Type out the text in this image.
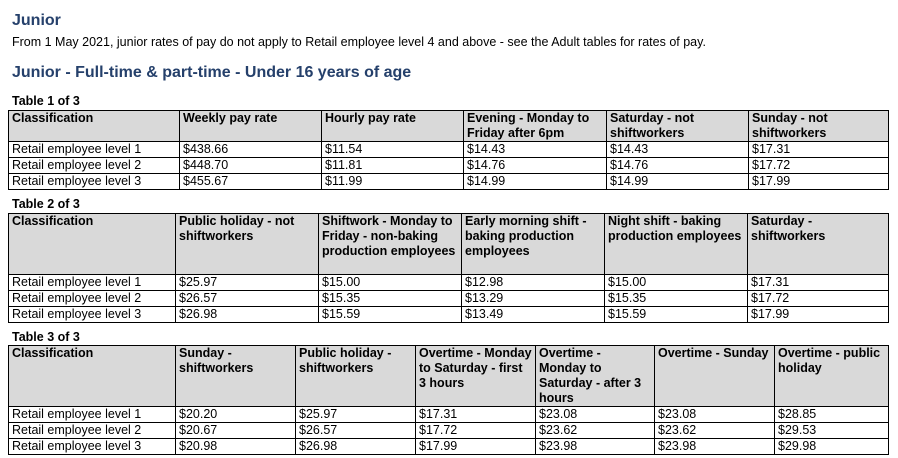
Junior

From 1 May 2021, junior rates of pay do not apply to Retail employee level 4 and above - see the Adult tables for rates of pay.

Junior - Full-time & part-time - Under 16 years of age

Table 1 of 3

Classification	Weekly pay rate	Hourly pay rate	Evening - Monday to Friday after 6pm	Saturday - not shiftworkers	Sunday - not shiftworkers
Retail employee level 1	$438.66	$11.54	$14.43	$14.43	$17.31
Retail employee level 2	$448.70	$11.81	$14.76	$14.76	$17.72
Retail employee level 3	$455.67	$11.99	$14.99	$14.99	$17.99

Table 2 of 3

Classification	Public holiday - not shiftworkers	Shiftwork - Monday to Friday - non-baking production employees	Early morning shift - baking production employees	Night shift - baking production employees	Saturday - shiftworkers
Retail employee level 1	$25.97	$15.00	$12.98	$15.00	$17.31
Retail employee level 2	$26.57	$15.35	$13.29	$15.35	$17.72
Retail employee level 3	$26.98	$15.59	$13.49	$15.59	$17.99

Table 3 of 3

Classification	Sunday - shiftworkers	Public holiday - shiftworkers	Overtime - Monday to Saturday - first 3 hours	Overtime - Monday to Saturday - after 3 hours	Overtime - Sunday	Overtime - public holiday
Retail employee level 1	$20.20	$25.97	$17.31	$23.08	$23.08	$28.85
Retail employee level 2	$20.67	$26.57	$17.72	$23.62	$23.62	$29.53
Retail employee level 3	$20.98	$26.98	$17.99	$23.98	$23.98	$29.98
